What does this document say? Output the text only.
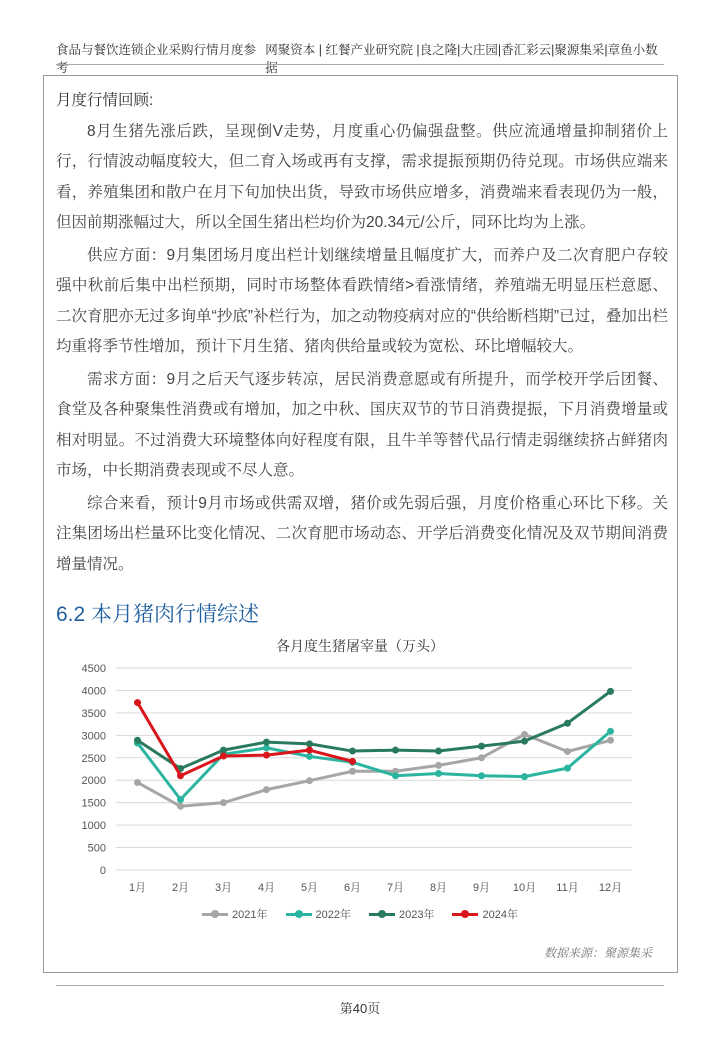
食品与餐饮连锁企业采购行情月度参考
网聚资本 | 红餐产业研究院 |良之隆|大庄园|香汇彩云|聚源集采|章鱼小数据
月度行情回顾:

8月生猪先涨后跌，呈现倒V走势，月度重心仍偏强盘整。供应流通增量抑制猪价上行，行情波动幅度较大，但二育入场或再有支撑，需求提振预期仍待兑现。市场供应端来看，养殖集团和散户在月下旬加快出货，导致市场供应增多，消费端来看表现仍为一般，但因前期涨幅过大，所以全国生猪出栏均价为20.34元/公斤，同环比均为上涨。

供应方面：9月集团场月度出栏计划继续增量且幅度扩大，而养户及二次育肥户存较强中秋前后集中出栏预期，同时市场整体看跌情绪>看涨情绪，养殖端无明显压栏意愿、二次育肥亦无过多询单“抄底”补栏行为，加之动物疫病对应的“供给断档期”已过，叠加出栏均重将季节性增加，预计下月生猪、猪肉供给量或较为宽松、环比增幅较大。

需求方面：9月之后天气逐步转凉，居民消费意愿或有所提升，而学校开学后团餐、食堂及各种聚集性消费或有增加，加之中秋、国庆双节的节日消费提振，下月消费增量或相对明显。不过消费大环境整体向好程度有限，且牛羊等替代品行情走弱继续挤占鲜猪肉市场，中长期消费表现或不尽人意。

综合来看，预计9月市场或供需双增，猪价或先弱后强，月度价格重心环比下移。关注集团场出栏量环比变化情况、二次育肥市场动态、开学后消费变化情况及双节期间消费增量情况。

6.2 本月猪肉行情综述
各月度生猪屠宰量（万头）
0
500
1000
1500
2000
2500
3000
3500
4000
4500
1月 2月 3月 4月 5月 6月 7月 8月 9月 10月 11月 12月
2021年	2022年	2023年	2024年
数据来源：聚源集采
第40页
